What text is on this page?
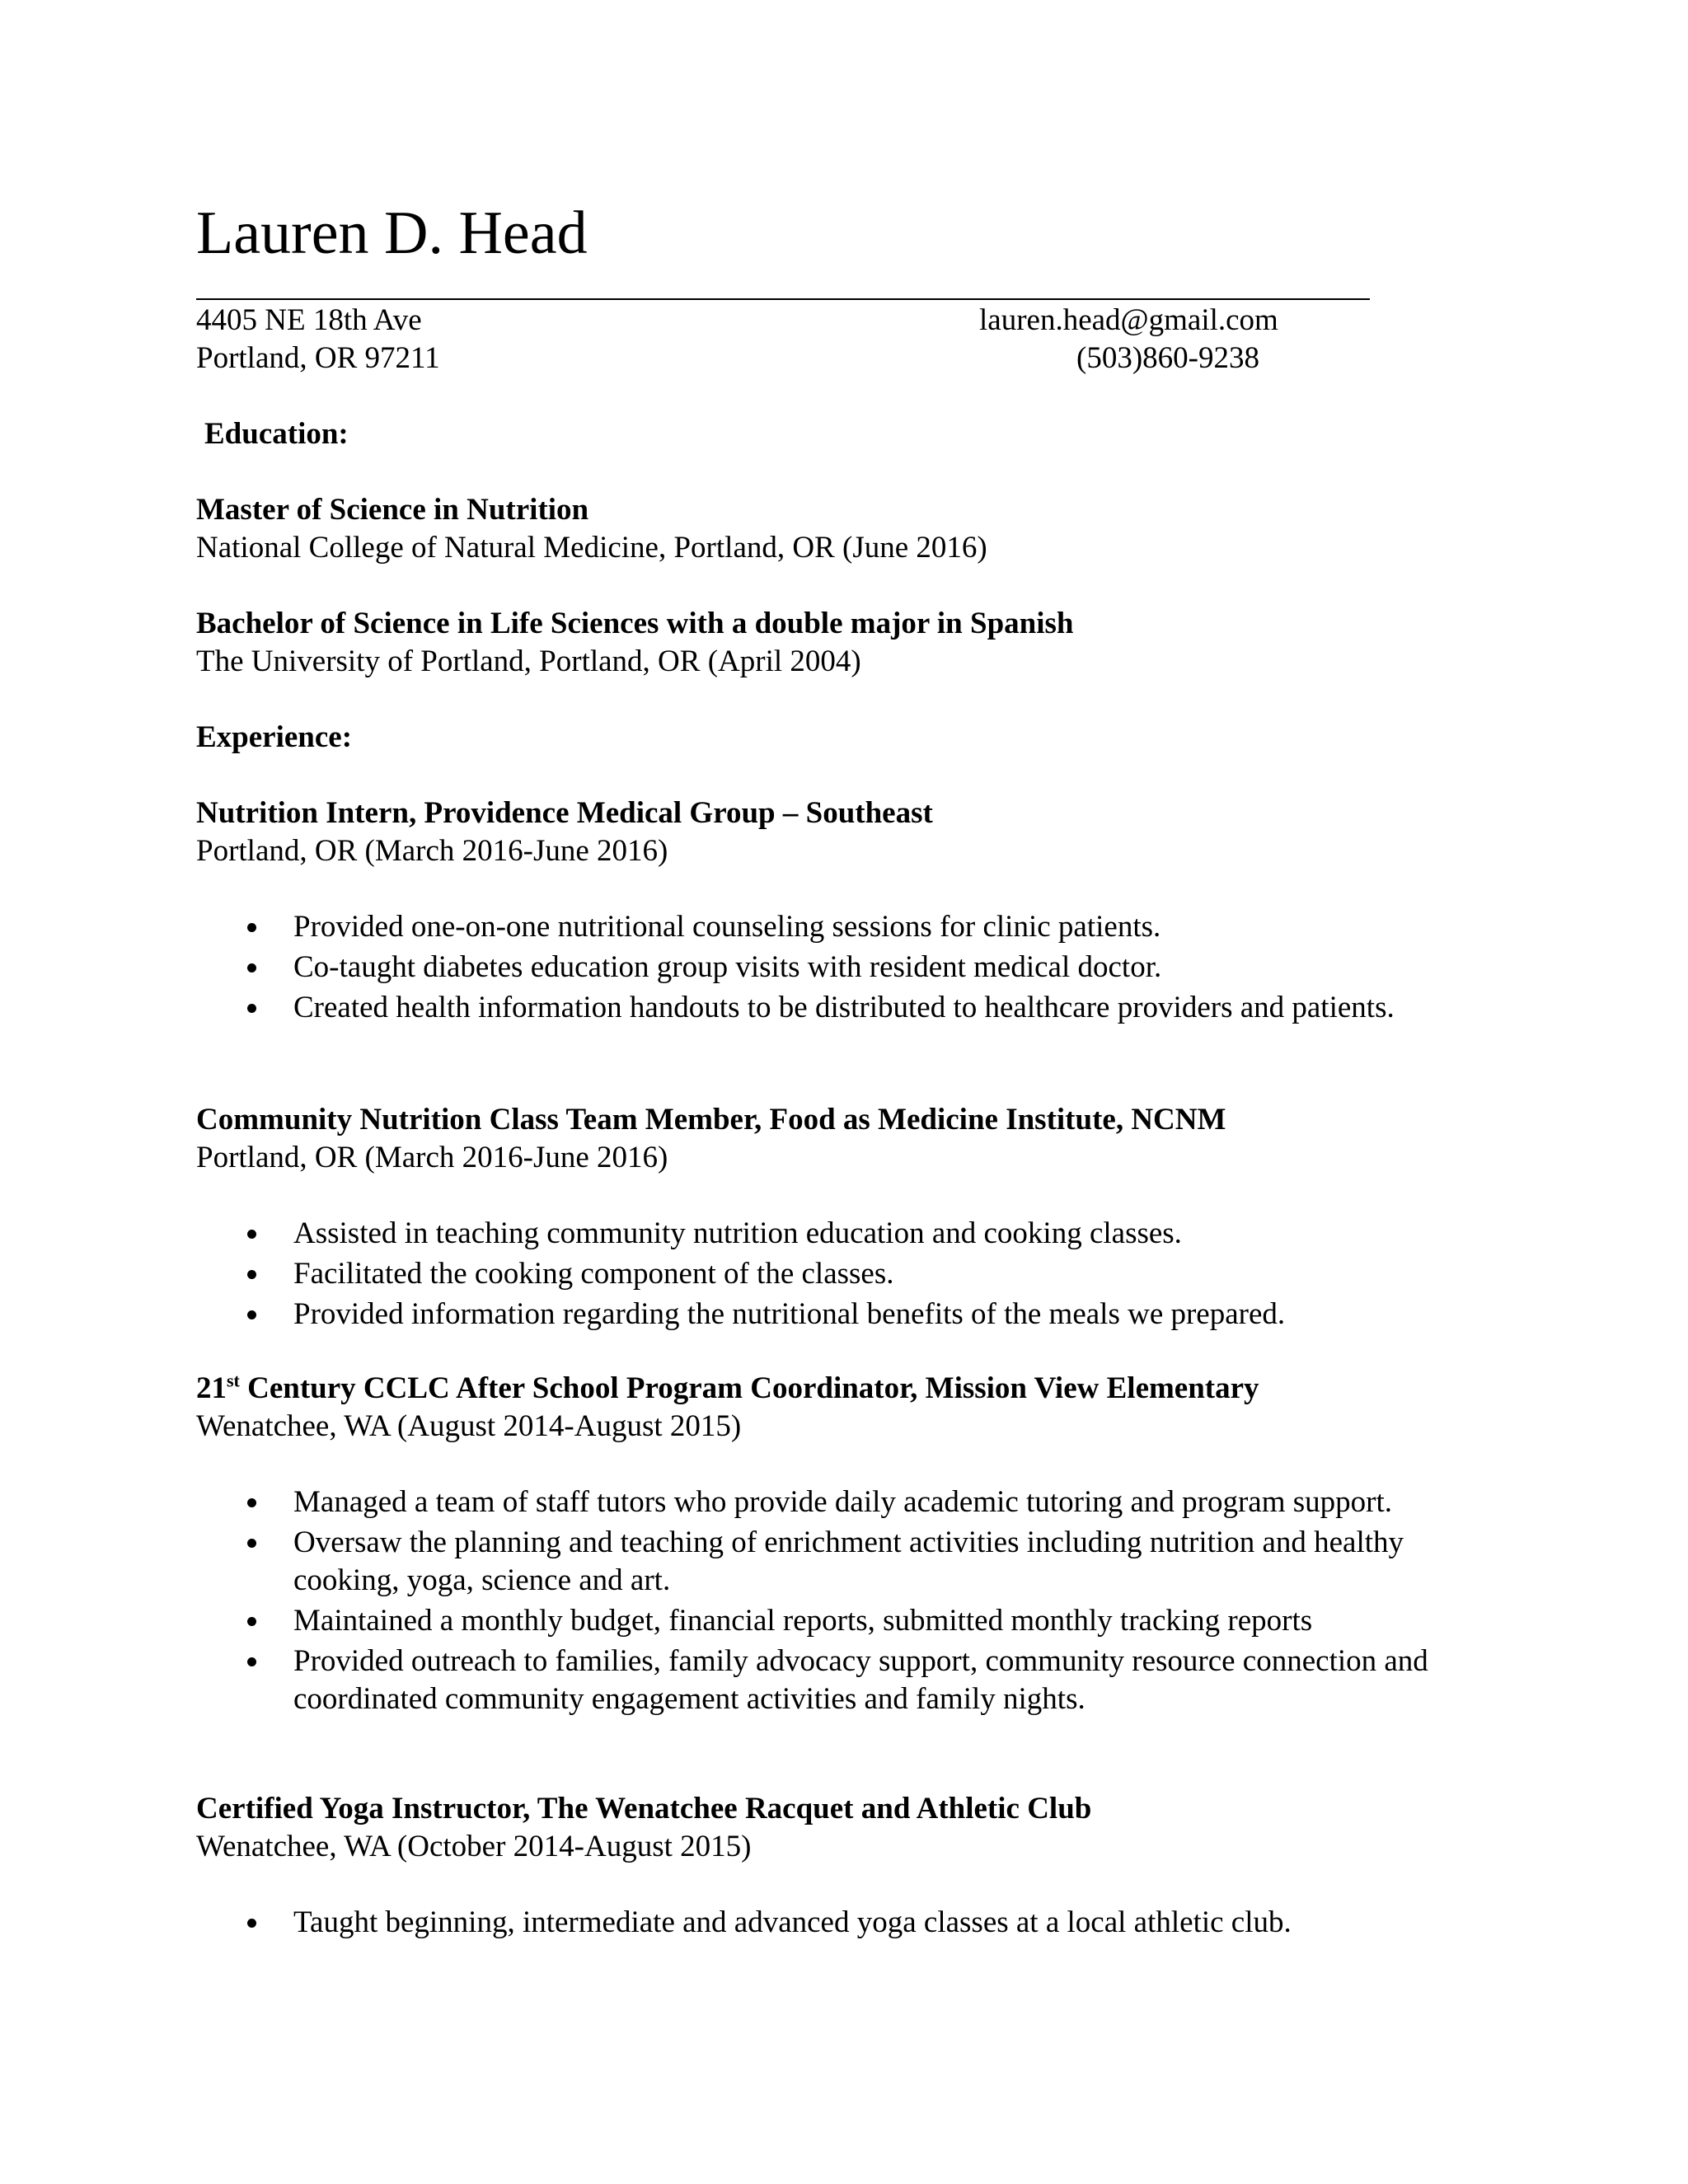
Lauren D. Head
4405 NE 18th Ave	lauren.head@gmail.com
Portland, OR 97211	(503)860-9238
Education:
Master of Science in Nutrition
National College of Natural Medicine, Portland, OR (June 2016)
Bachelor of Science in Life Sciences with a double major in Spanish
The University of Portland, Portland, OR (April 2004)
Experience:
Nutrition Intern, Providence Medical Group – Southeast
Portland, OR (March 2016-June 2016)
Provided one-on-one nutritional counseling sessions for clinic patients.
Co-taught diabetes education group visits with resident medical doctor.
Created health information handouts to be distributed to healthcare providers and patients.
Community Nutrition Class Team Member, Food as Medicine Institute, NCNM
Portland, OR (March 2016-June 2016)
Assisted in teaching community nutrition education and cooking classes.
Facilitated the cooking component of the classes.
Provided information regarding the nutritional benefits of the meals we prepared.
21st Century CCLC After School Program Coordinator, Mission View Elementary
Wenatchee, WA (August 2014-August 2015)
Managed a team of staff tutors who provide daily academic tutoring and program support.
Oversaw the planning and teaching of enrichment activities including nutrition and healthy cooking, yoga, science and art.
Maintained a monthly budget, financial reports, submitted monthly tracking reports
Provided outreach to families, family advocacy support, community resource connection and coordinated community engagement activities and family nights.
Certified Yoga Instructor, The Wenatchee Racquet and Athletic Club
Wenatchee, WA (October 2014-August 2015)
Taught beginning, intermediate and advanced yoga classes at a local athletic club.
